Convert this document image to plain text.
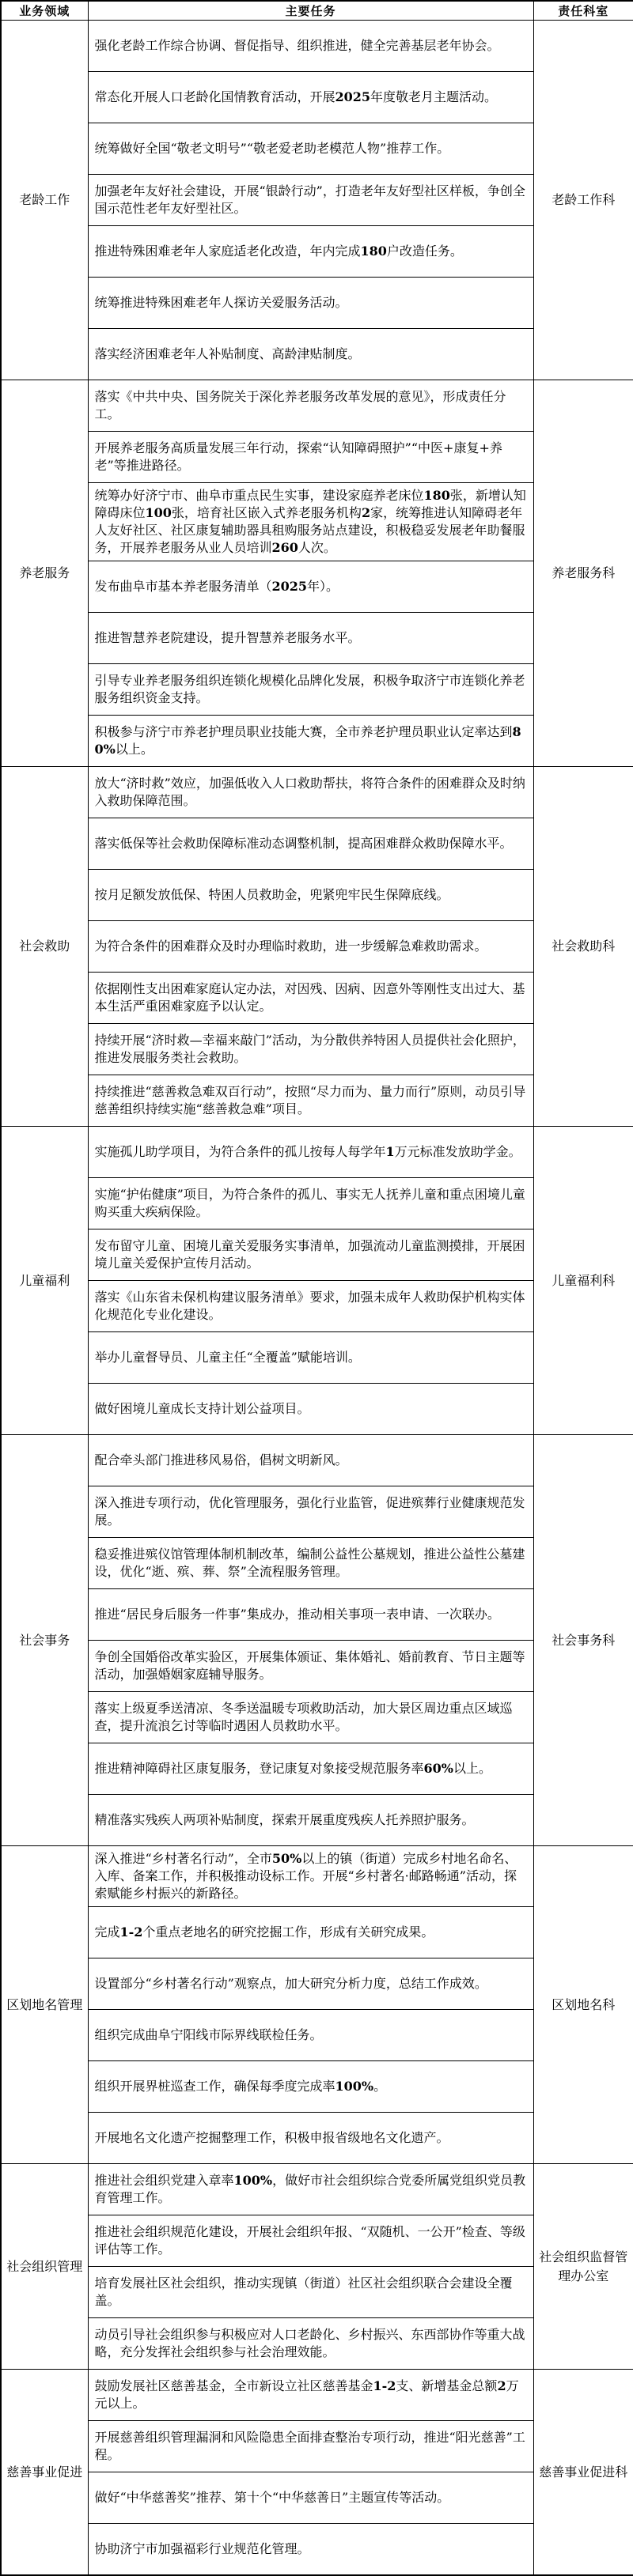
业务领域	主要任务	责任科室
老龄工作	强化老龄工作综合协调、督促指导、组织推进，健全完善基层老年协会。	老龄工作科
	常态化开展人口老龄化国情教育活动，开展2025年度敬老月主题活动。	
	统筹做好全国“敬老文明号”“敬老爱老助老模范人物”推荐工作。	
	加强老年友好社会建设，开展“银龄行动”，打造老年友好型社区样板，争创全国示范性老年友好型社区。	
	推进特殊困难老年人家庭适老化改造，年内完成180户改造任务。	
	统筹推进特殊困难老年人探访关爱服务活动。	
	落实经济困难老年人补贴制度、高龄津贴制度。	
养老服务	落实《中共中央、国务院关于深化养老服务改革发展的意见》，形成责任分工。	养老服务科
	开展养老服务高质量发展三年行动，探索“认知障碍照护”“中医+康复+养老”等推进路径。	
	统筹办好济宁市、曲阜市重点民生实事，建设家庭养老床位180张，新增认知障碍床位100张，培育社区嵌入式养老服务机构2家，统筹推进认知障碍老年人友好社区、社区康复辅助器具租购服务站点建设，积极稳妥发展老年助餐服务，开展养老服务从业人员培训260人次。	
	发布曲阜市基本养老服务清单（2025年）。	
	推进智慧养老院建设，提升智慧养老服务水平。	
	引导专业养老服务组织连锁化规模化品牌化发展，积极争取济宁市连锁化养老服务组织资金支持。	
	积极参与济宁市养老护理员职业技能大赛，全市养老护理员职业认定率达到80%以上。	
社会救助	放大“济时救”效应，加强低收入人口救助帮扶，将符合条件的困难群众及时纳入救助保障范围。	社会救助科
	落实低保等社会救助保障标准动态调整机制，提高困难群众救助保障水平。	
	按月足额发放低保、特困人员救助金，兜紧兜牢民生保障底线。	
	为符合条件的困难群众及时办理临时救助，进一步缓解急难救助需求。	
	依据刚性支出困难家庭认定办法，对因残、因病、因意外等刚性支出过大、基本生活严重困难家庭予以认定。	
	持续开展“济时救—幸福来敲门”活动，为分散供养特困人员提供社会化照护，推进发展服务类社会救助。	
	持续推进“慈善救急难双百行动”，按照“尽力而为、量力而行”原则，动员引导慈善组织持续实施“慈善救急难”项目。	
儿童福利	实施孤儿助学项目，为符合条件的孤儿按每人每学年1万元标准发放助学金。	儿童福利科
	实施“护佑健康”项目，为符合条件的孤儿、事实无人抚养儿童和重点困境儿童购买重大疾病保险。	
	发布留守儿童、困境儿童关爱服务实事清单，加强流动儿童监测摸排，开展困境儿童关爱保护宣传月活动。	
	落实《山东省未保机构建议服务清单》要求，加强未成年人救助保护机构实体化规范化专业化建设。	
	举办儿童督导员、儿童主任“全覆盖”赋能培训。	
	做好困境儿童成长支持计划公益项目。	
社会事务	配合牵头部门推进移风易俗，倡树文明新风。	社会事务科
	深入推进专项行动，优化管理服务，强化行业监管，促进殡葬行业健康规范发展。	
	稳妥推进殡仪馆管理体制机制改革，编制公益性公墓规划，推进公益性公墓建设，优化“逝、殡、葬、祭”全流程服务管理。	
	推进“居民身后服务一件事”集成办，推动相关事项一表申请、一次联办。	
	争创全国婚俗改革实验区，开展集体颁证、集体婚礼、婚前教育、节日主题等活动，加强婚姻家庭辅导服务。	
	落实上级夏季送清凉、冬季送温暖专项救助活动，加大景区周边重点区域巡查，提升流浪乞讨等临时遇困人员救助水平。	
	推进精神障碍社区康复服务，登记康复对象接受规范服务率60%以上。	
	精准落实残疾人两项补贴制度，探索开展重度残疾人托养照护服务。	
区划地名管理	深入推进“乡村著名行动”，全市50%以上的镇（街道）完成乡村地名命名、入库、备案工作，并积极推动设标工作。开展“乡村著名·邮路畅通”活动，探索赋能乡村振兴的新路径。	区划地名科
	完成1-2个重点老地名的研究挖掘工作，形成有关研究成果。	
	设置部分“乡村著名行动”观察点，加大研究分析力度，总结工作成效。	
	组织完成曲阜宁阳线市际界线联检任务。	
	组织开展界桩巡查工作，确保每季度完成率100%。	
	开展地名文化遗产挖掘整理工作，积极申报省级地名文化遗产。	
社会组织管理	推进社会组织党建入章率100%，做好市社会组织综合党委所属党组织党员教育管理工作。	社会组织监督管理办公室
	推进社会组织规范化建设，开展社会组织年报、“双随机、一公开”检查、等级评估等工作。	
	培育发展社区社会组织，推动实现镇（街道）社区社会组织联合会建设全覆盖。	
	动员引导社会组织参与积极应对人口老龄化、乡村振兴、东西部协作等重大战略，充分发挥社会组织参与社会治理效能。	
慈善事业促进	鼓励发展社区慈善基金，全市新设立社区慈善基金1-2支、新增基金总额2万元以上。	慈善事业促进科
	开展慈善组织管理漏洞和风险隐患全面排查整治专项行动，推进“阳光慈善”工程。	
	做好“中华慈善奖”推荐、第十个“中华慈善日”主题宣传等活动。	
	协助济宁市加强福彩行业规范化管理。	
